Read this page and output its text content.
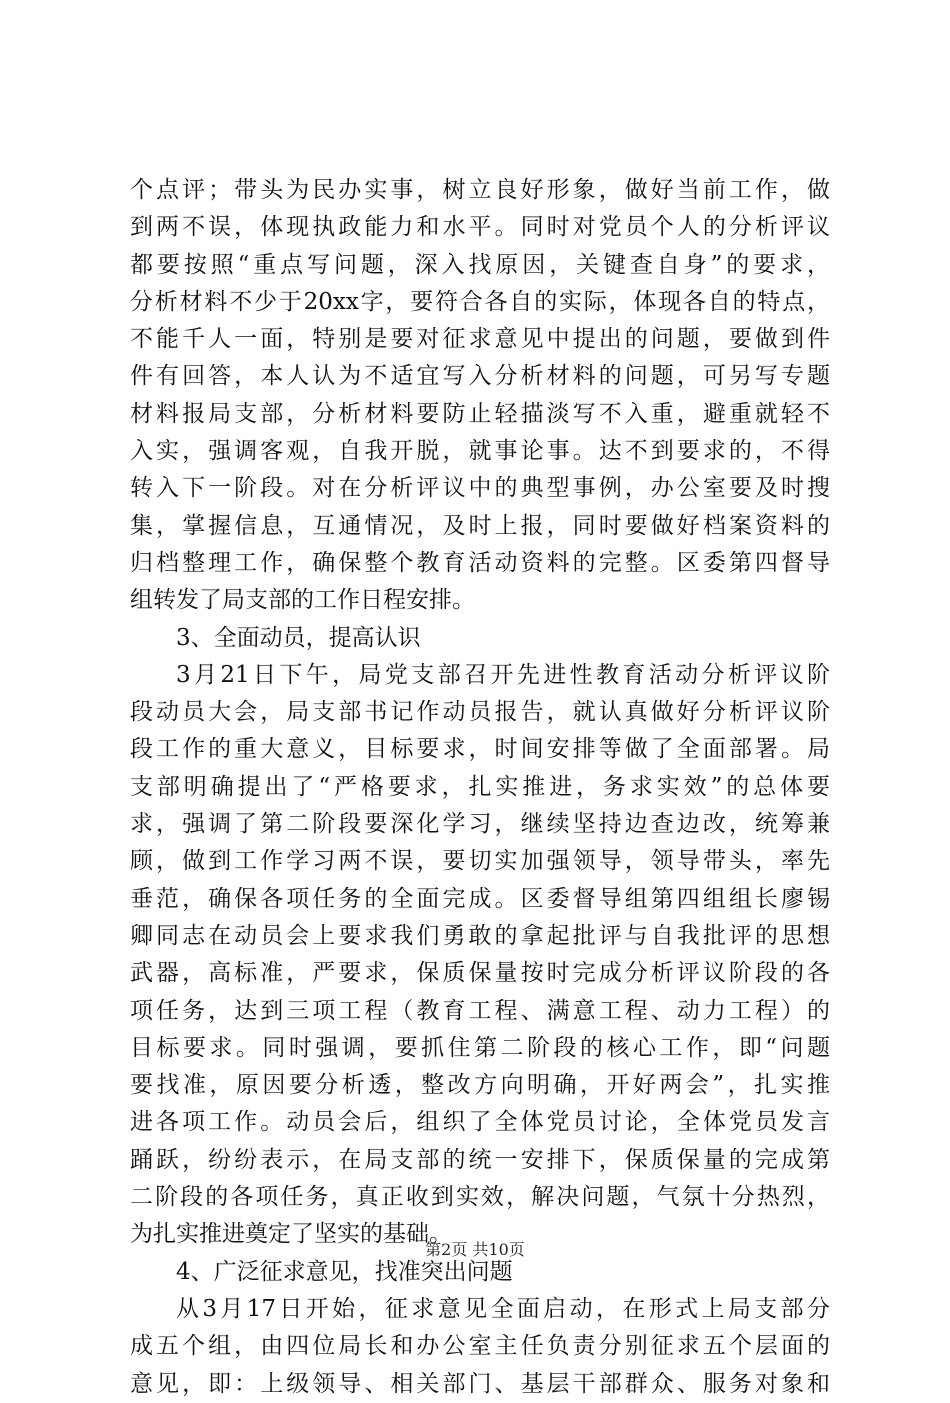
个点评；带头为民办实事，树立良好形象，做好当前工作，做
到两不误，体现执政能力和水平。同时对党员个人的分析评议
都要按照“重点写问题，深入找原因，关键查自身”的要求，
分析材料不少于20xx字，要符合各自的实际，体现各自的特点，
不能千人一面，特别是要对征求意见中提出的问题，要做到件
件有回答，本人认为不适宜写入分析材料的问题，可另写专题
材料报局支部，分析材料要防止轻描淡写不入重，避重就轻不
入实，强调客观，自我开脱，就事论事。达不到要求的，不得
转入下一阶段。对在分析评议中的典型事例，办公室要及时搜
集，掌握信息，互通情况，及时上报，同时要做好档案资料的
归档整理工作，确保整个教育活动资料的完整。区委第四督导
组转发了局支部的工作日程安排。
3、全面动员，提高认识
3月21日下午，局党支部召开先进性教育活动分析评议阶
段动员大会，局支部书记作动员报告，就认真做好分析评议阶
段工作的重大意义，目标要求，时间安排等做了全面部署。局
支部明确提出了“严格要求，扎实推进，务求实效”的总体要
求，强调了第二阶段要深化学习，继续坚持边查边改，统筹兼
顾，做到工作学习两不误，要切实加强领导，领导带头，率先
垂范，确保各项任务的全面完成。区委督导组第四组组长廖锡
卿同志在动员会上要求我们勇敢的拿起批评与自我批评的思想
武器，高标准，严要求，保质保量按时完成分析评议阶段的各
项任务，达到三项工程（教育工程、满意工程、动力工程）的
目标要求。同时强调，要抓住第二阶段的核心工作，即“问题
要找准，原因要分析透，整改方向明确，开好两会”，扎实推
进各项工作。动员会后，组织了全体党员讨论，全体党员发言
踊跃，纷纷表示，在局支部的统一安排下，保质保量的完成第
二阶段的各项任务，真正收到实效，解决问题，气氛十分热烈，
为扎实推进奠定了坚实的基础。
4、广泛征求意见，找准突出问题
从3月17日开始，征求意见全面启动，在形式上局支部分
成五个组，由四位局长和办公室主任负责分别征求五个层面的
意见，即：上级领导、相关部门、基层干部群众、服务对象和
第2页 共10页
